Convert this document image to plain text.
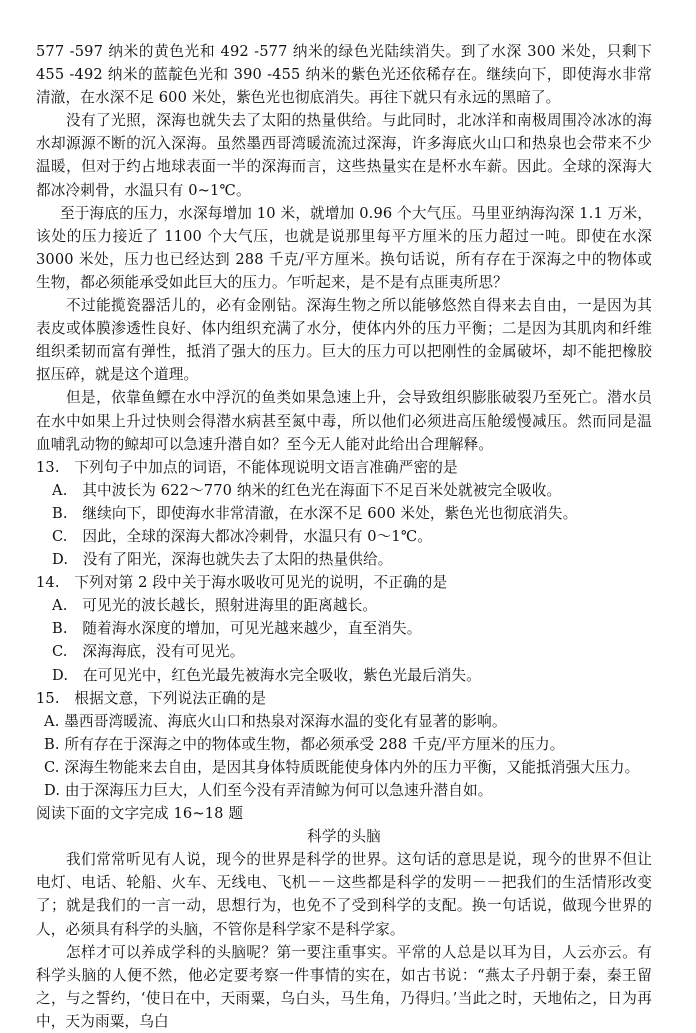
577 -597 纳米的黄色光和 492 -577 纳米的绿色光陆续消失。到了水深 300 米处，只剩下 455 -492 纳米的蓝靛色光和 390 -455 纳米的紫色光还依稀存在。继续向下，即使海水非常清澈，在水深不足 600 米处，紫色光也彻底消失。再往下就只有永远的黑暗了。

没有了光照，深海也就失去了太阳的热量供给。与此同时，北冰洋和南极周围冷冰冰的海水却源源不断的沉入深海。虽然墨西哥湾暖流流过深海，许多海底火山口和热泉也会带来不少温暖，但对于约占地球表面一半的深海而言，这些热量实在是杯水车薪。因此。全球的深海大都冰冷刺骨，水温只有 0~1℃。

至于海底的压力，水深每增加 10 米，就增加 0.96 个大气压。马里亚纳海沟深 1.1 万米，该处的压力接近了 1100 个大气压，也就是说那里每平方厘米的压力超过一吨。即使在水深 3000 米处，压力也已经达到 288 千克/平方厘米。换句话说，所有存在于深海之中的物体或生物，都必须能承受如此巨大的压力。乍听起来，是不是有点匪夷所思？

不过能揽瓷器活儿的，必有金刚钻。深海生物之所以能够悠然自得来去自由，一是因为其表皮或体膜渗透性良好、体内组织充满了水分，使体内外的压力平衡；二是因为其肌肉和纤维组织柔韧而富有弹性，抵消了强大的压力。巨大的压力可以把刚性的金属破坏，却不能把橡胶抠压碎，就是这个道理。

但是，依靠鱼鳔在水中浮沉的鱼类如果急速上升，会导致组织膨胀破裂乃至死亡。潜水员在水中如果上升过快则会得潜水病甚至氮中毒，所以他们必须进高压舱缓慢减压。然而同是温血哺乳动物的鲸却可以急速升潜自如？至今无人能对此给出合理解释。

13.　下列句子中加点的词语，不能体现说明文语言准确严密的是

A.　其中波长为 622～770 纳米的红色光在海面下不足百米处就被完全吸收。

B.　继续向下，即使海水非常清澈，在水深不足 600 米处，紫色光也彻底消失。

C.　因此，全球的深海大都冰冷刺骨，水温只有 0～1℃。

D.　没有了阳光，深海也就失去了太阳的热量供给。

14.　下列对第 2 段中关于海水吸收可见光的说明，不正确的是

A.　可见光的波长越长，照射进海里的距离越长。

B.　随着海水深度的增加，可见光越来越少，直至消失。

C.　深海海底，没有可见光。

D.　在可见光中，红色光最先被海水完全吸收，紫色光最后消失。

15.　根据文意，下列说法正确的是

A. 墨西哥湾暖流、海底火山口和热泉对深海水温的变化有显著的影响。

B. 所有存在于深海之中的物体或生物，都必须承受 288 千克/平方厘米的压力。

C. 深海生物能来去自由，是因其身体特质既能使身体内外的压力平衡，又能抵消强大压力。

D. 由于深海压力巨大，人们至今没有弄清鲸为何可以急速升潜自如。

阅读下面的文字完成 16~18 题

科学的头脑

我们常常听见有人说，现今的世界是科学的世界。这句话的意思是说，现今的世界不但让电灯、电话、轮船、火车、无线电、飞机－－这些都是科学的发明－－把我们的生活情形改变了；就是我们的一言一动，思想行为，也免不了受到科学的支配。换一句话说，做现今世界的人，必须具有科学的头脑，不管你是科学家不是科学家。

怎样才可以养成学科的头脑呢？第一要注重事实。平常的人总是以耳为目，人云亦云。有科学头脑的人便不然，他必定要考察一件事情的实在，如古书说：“燕太子丹朝于秦，秦王留之，与之誓约，‘使日在中，天雨粟，乌白头，马生角，乃得归。’当此之时，天地佑之，日为再中，天为雨粟，乌白
